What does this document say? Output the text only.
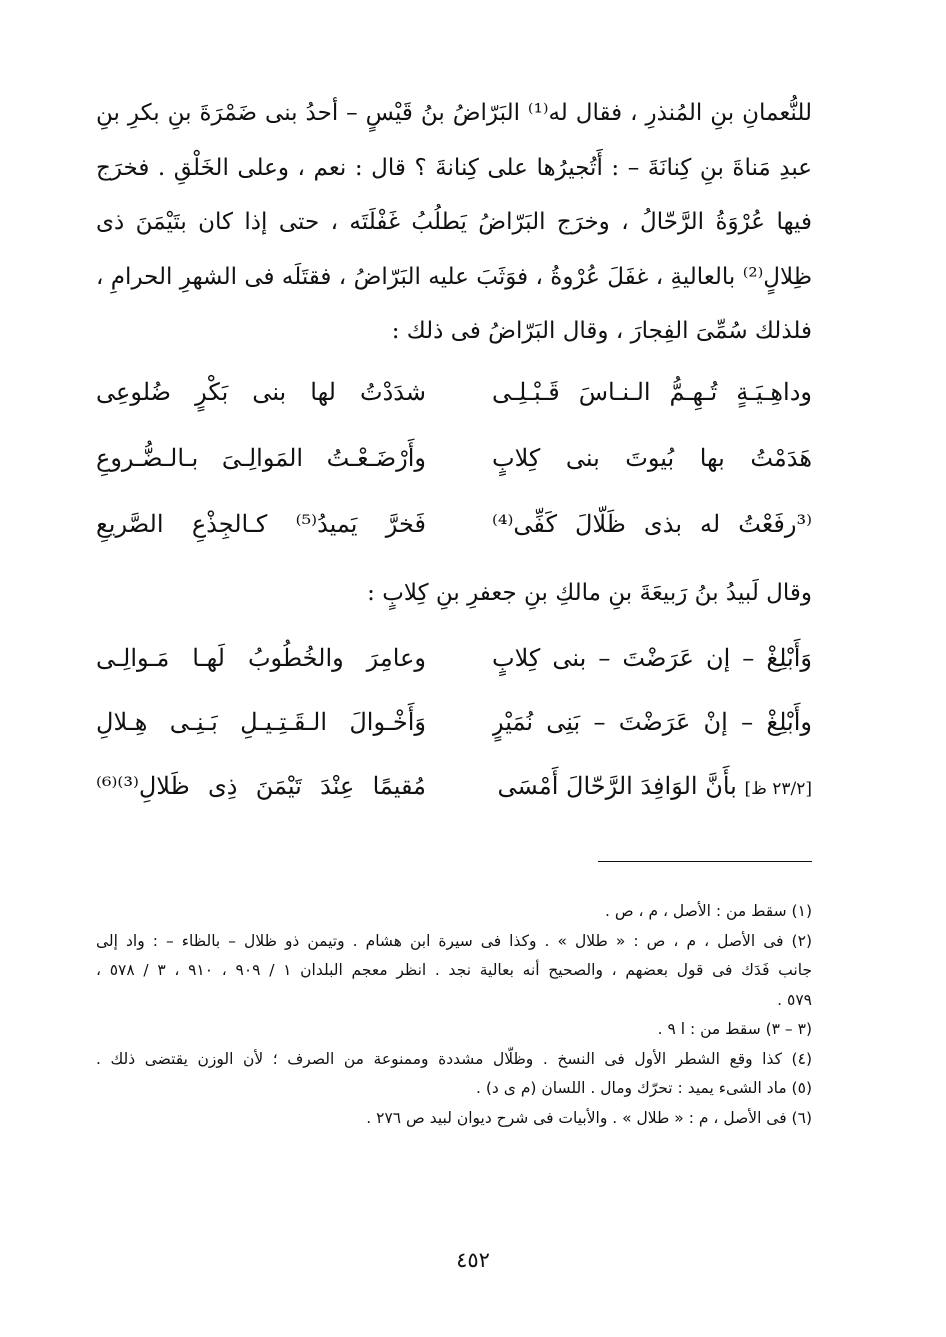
للنُّعمانِ بنِ المُنذرِ ، فقال له⁽¹⁾ البَرّاضُ بنُ قَيْسٍ – أحدُ بنى ضَمْرَةَ بنِ بكرِ بنِ
عبدِ مَناةَ بنِ كِنانَةَ – : أَتُجيرُها على كِنانةَ ؟ قال : نعم ، وعلى الخَلْقِ . فخرَج
فيها عُرْوَةُ الرَّحّالُ ، وخرَج البَرّاضُ يَطلُبُ غَفْلَتَه ، حتى إذا كان بتَيْمَنَ ذى
ظِلالٍ⁽²⁾ بالعاليةِ ، غفَلَ عُرْوةُ ، فوَثَبَ عليه البَرّاضُ ، فقتَلَه فى الشهرِ الحرامِ ،
فلذلك سُمِّىَ الفِجارَ ، وقال البَرّاضُ فى ذلك :
وداهِـيَـةٍ تُـهِـمُّ الـنـاسَ قَـبْـلِـى
شدَدْتُ لها بنى بَكْرٍ ضُلوعِى
هَدَمْتُ بها بُيوتَ بنى كِلابٍ
وأَرْضَـعْـتُ المَوالِـىَ بـالـضُّـروعِ
⁽³رفَعْتُ له بذى ظَلّالَ كَفِّى⁽⁴⁾
فَخرَّ يَميدُ⁽⁵⁾ كـالجِذْعِ الصَّريعِ
وقال لَبيدُ بنُ رَبيعَةَ بنِ مالكِ بنِ جعفرِ بنِ كِلابٍ :
وَأَبْلِغْ – إن عَرَضْتَ – بنى كِلابٍ
وعامِرَ والخُطُوبُ لَهـا مَـوالِـى
وأَبْلِغْ – إنْ عَرَضْتَ – بَنِى نُمَيْرٍ
وَأَخْـوالَ الـقَـتِـيـلِ بَـنِـى هِـلالِ
[٢٣/٢ ظ] بأَنَّ الوَافِدَ الرَّحّالَ أَمْسَى
مُقيمًا عِنْدَ تَيْمَنَ ذِى ظَلالِ⁽³⁾⁽⁶⁾
(١) سقط من : الأصل ، م ، ص .
(٢) فى الأصل ، م ، ص : « طلال » . وكذا فى سيرة ابن هشام . وتيمن ذو ظلال – بالظاء – : واد إلى
جانب فَدَك فى قول بعضهم ، والصحيح أنه بعالية نجد . انظر معجم البلدان ١ / ٩٠٩ ، ٩١٠ ، ٣ / ٥٧٨ ،
٥٧٩ .
(٣ – ٣) سقط من : ا ٩ .
(٤) كذا وقع الشطر الأول فى النسخ . وظلّال مشددة وممنوعة من الصرف ؛ لأن الوزن يقتضى ذلك .
(٥) ماد الشىء يميد : تحرّك ومال . اللسان (م ى د) .
(٦) فى الأصل ، م : « طلال » . والأبيات فى شرح ديوان لبيد ص ٢٧٦ .
٤٥٢
